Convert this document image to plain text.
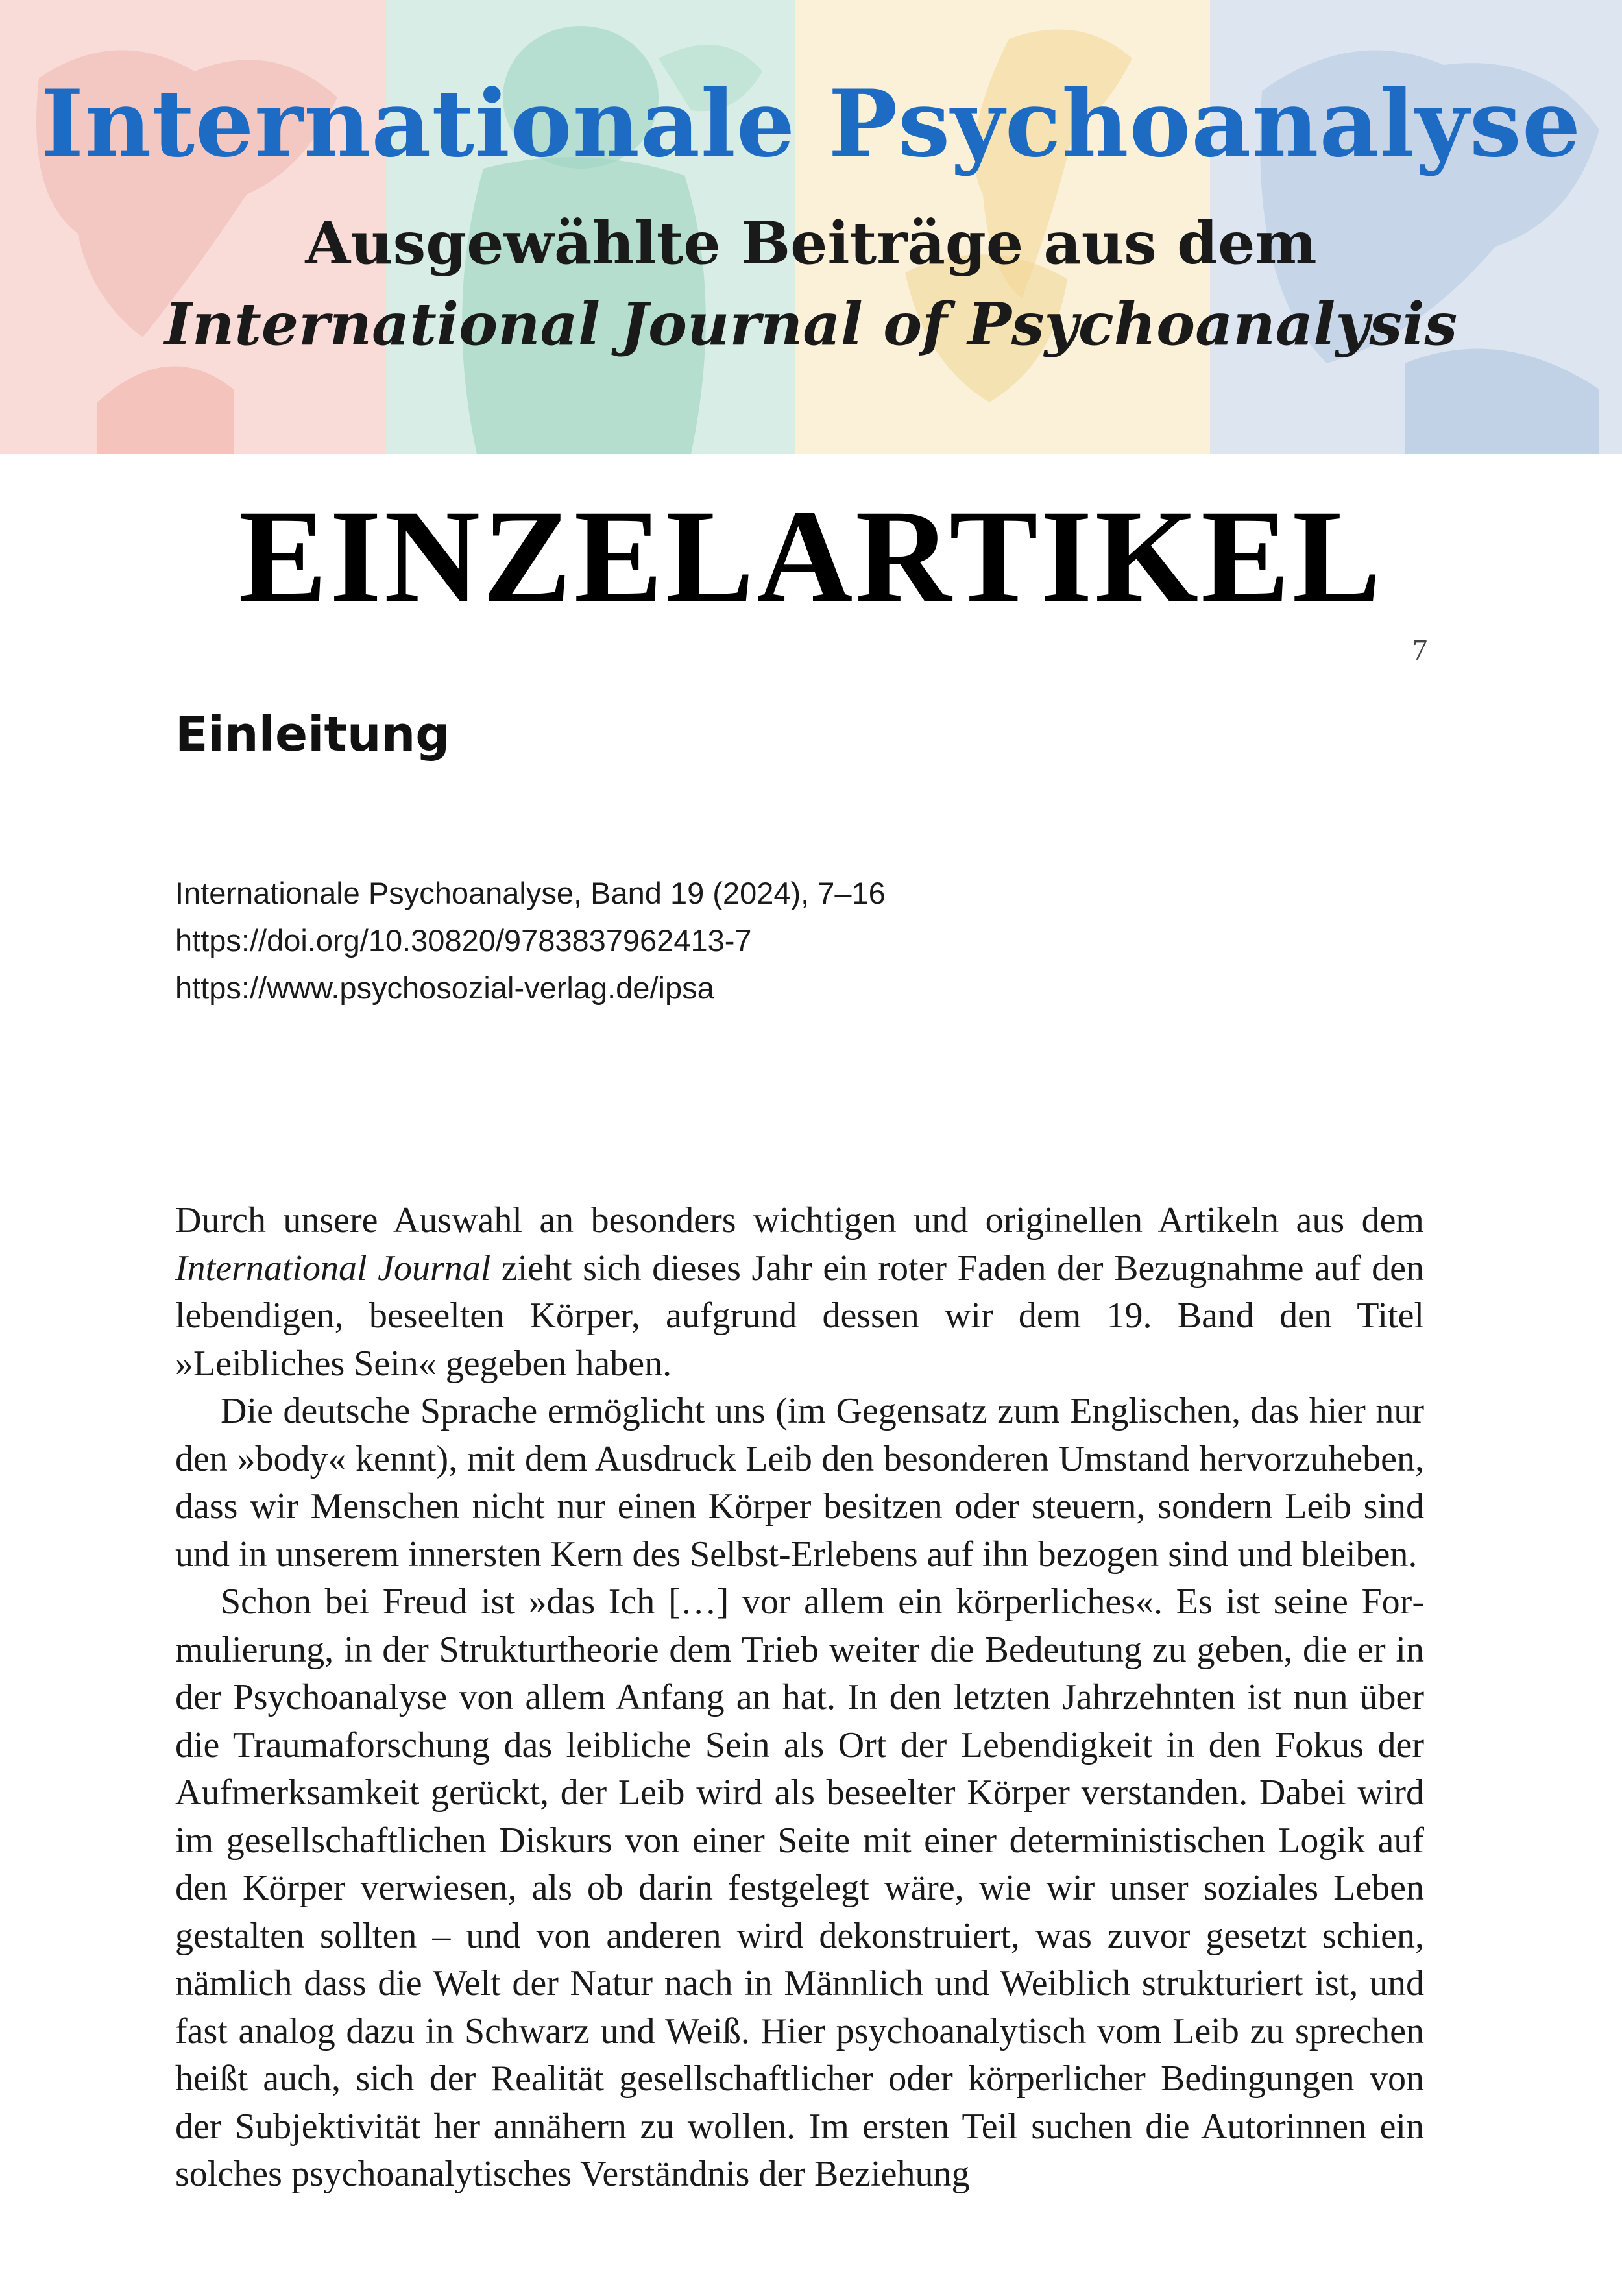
Internationale Psychoanalyse
Ausgewählte Beiträge aus dem
International Journal of Psychoanalysis
EINZELARTIKEL
7
Einleitung
Internationale Psychoanalyse, Band 19 (2024), 7–16
https://doi.org/10.30820/9783837962413-7
https://www.psychosozial-verlag.de/ipsa

Durch unsere Auswahl an besonders wichtigen und originellen Artikeln aus dem International Journal zieht sich dieses Jahr ein roter Faden der Bezugnahme auf den lebendigen, beseelten Körper, aufgrund dessen wir dem 19. Band den Titel »Leibliches Sein« gegeben haben.

Die deutsche Sprache ermöglicht uns (im Gegensatz zum Englischen, das hier nur den »body« kennt), mit dem Ausdruck Leib den besonderen Umstand hervorzuheben, dass wir Menschen nicht nur einen Körper besitzen oder steuern, sondern Leib sind und in unserem innersten Kern des Selbst-Erlebens auf ihn bezogen sind und bleiben.

Schon bei Freud ist »das Ich […] vor allem ein körperliches«. Es ist seine Formulierung, in der Strukturtheorie dem Trieb weiter die Bedeutung zu geben, die er in der Psychoanalyse von allem Anfang an hat. In den letzten Jahrzehnten ist nun über die Traumaforschung das leibliche Sein als Ort der Lebendigkeit in den Fokus der Aufmerksamkeit gerückt, der Leib wird als beseelter Körper verstanden. Dabei wird im gesellschaftlichen Diskurs von einer Seite mit einer deterministischen Logik auf den Körper verwiesen, als ob darin festgelegt wäre, wie wir unser soziales Leben gestalten sollten – und von anderen wird dekonstruiert, was zuvor gesetzt schien, nämlich dass die Welt der Natur nach in Männlich und Weiblich strukturiert ist, und fast analog dazu in Schwarz und Weiß. Hier psychoanalytisch vom Leib zu sprechen heißt auch, sich der Realität gesellschaftlicher oder körperlicher Bedingungen von der Subjektivität her annähern zu wollen. Im ersten Teil suchen die Autorinnen ein solches psychoanalytisches Verständnis der Beziehung
